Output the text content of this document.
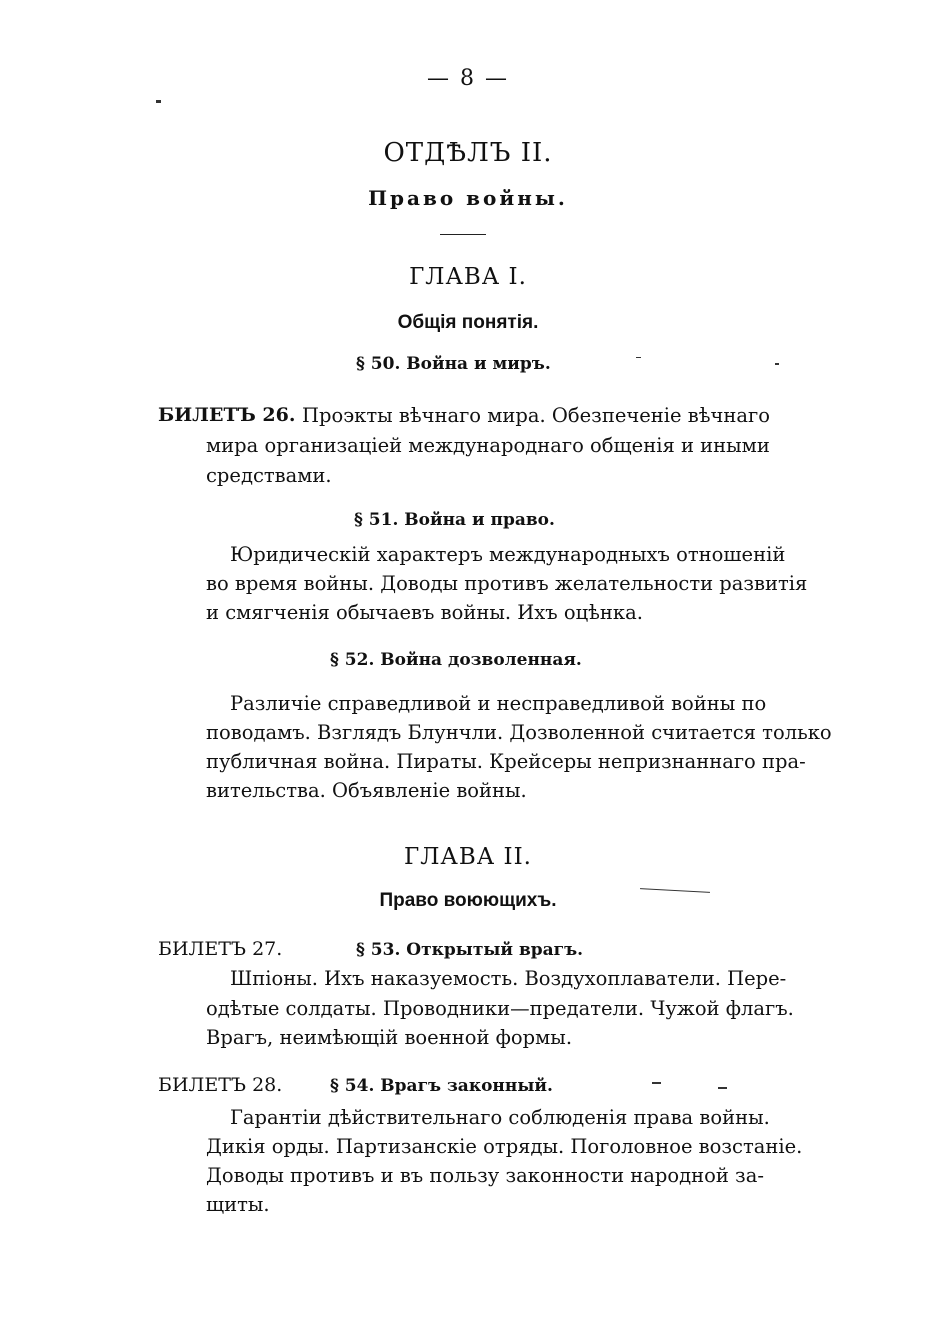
— 8 —
ОТДѢЛЪ II.
Право войны.
ГЛАВА I.
Общiя понятiя.
§ 50. Война и миръ.
БИЛЕТЪ 26. Проэкты вѣчнаго мира. Обезпеченiе вѣчнаго
мира организацiей международнаго общенiя и иными
средствами.
§ 51. Война и право.
Юридическiй характеръ международныхъ отношенiй
во время войны. Доводы противъ желательности развитiя
и смягченiя обычаевъ войны. Ихъ оцѣнка.
§ 52. Война дозволенная.
Различiе справедливой и несправедливой войны по
поводамъ. Взглядъ Блунчли. Дозволенной считается только
публичная война. Пираты. Крейсеры непризнаннаго пра-
вительства. Объявленiе войны.
ГЛАВА II.
Право воюющихъ.
БИЛЕТЪ 27.	§ 53. Открытый врагъ.
Шпiоны. Ихъ наказуемость. Воздухоплаватели. Пере-
одѣтые солдаты. Проводники—предатели. Чужой флагъ.
Врагъ, неимѣющiй военной формы.
БИЛЕТЪ 28.	§ 54. Врагъ законный.
Гарантiи дѣйствительнаго соблюденiя права войны.
Дикiя орды. Партизанскiе отряды. Поголовное возстанiе.
Доводы противъ и въ пользу законности народной за-
щиты.
